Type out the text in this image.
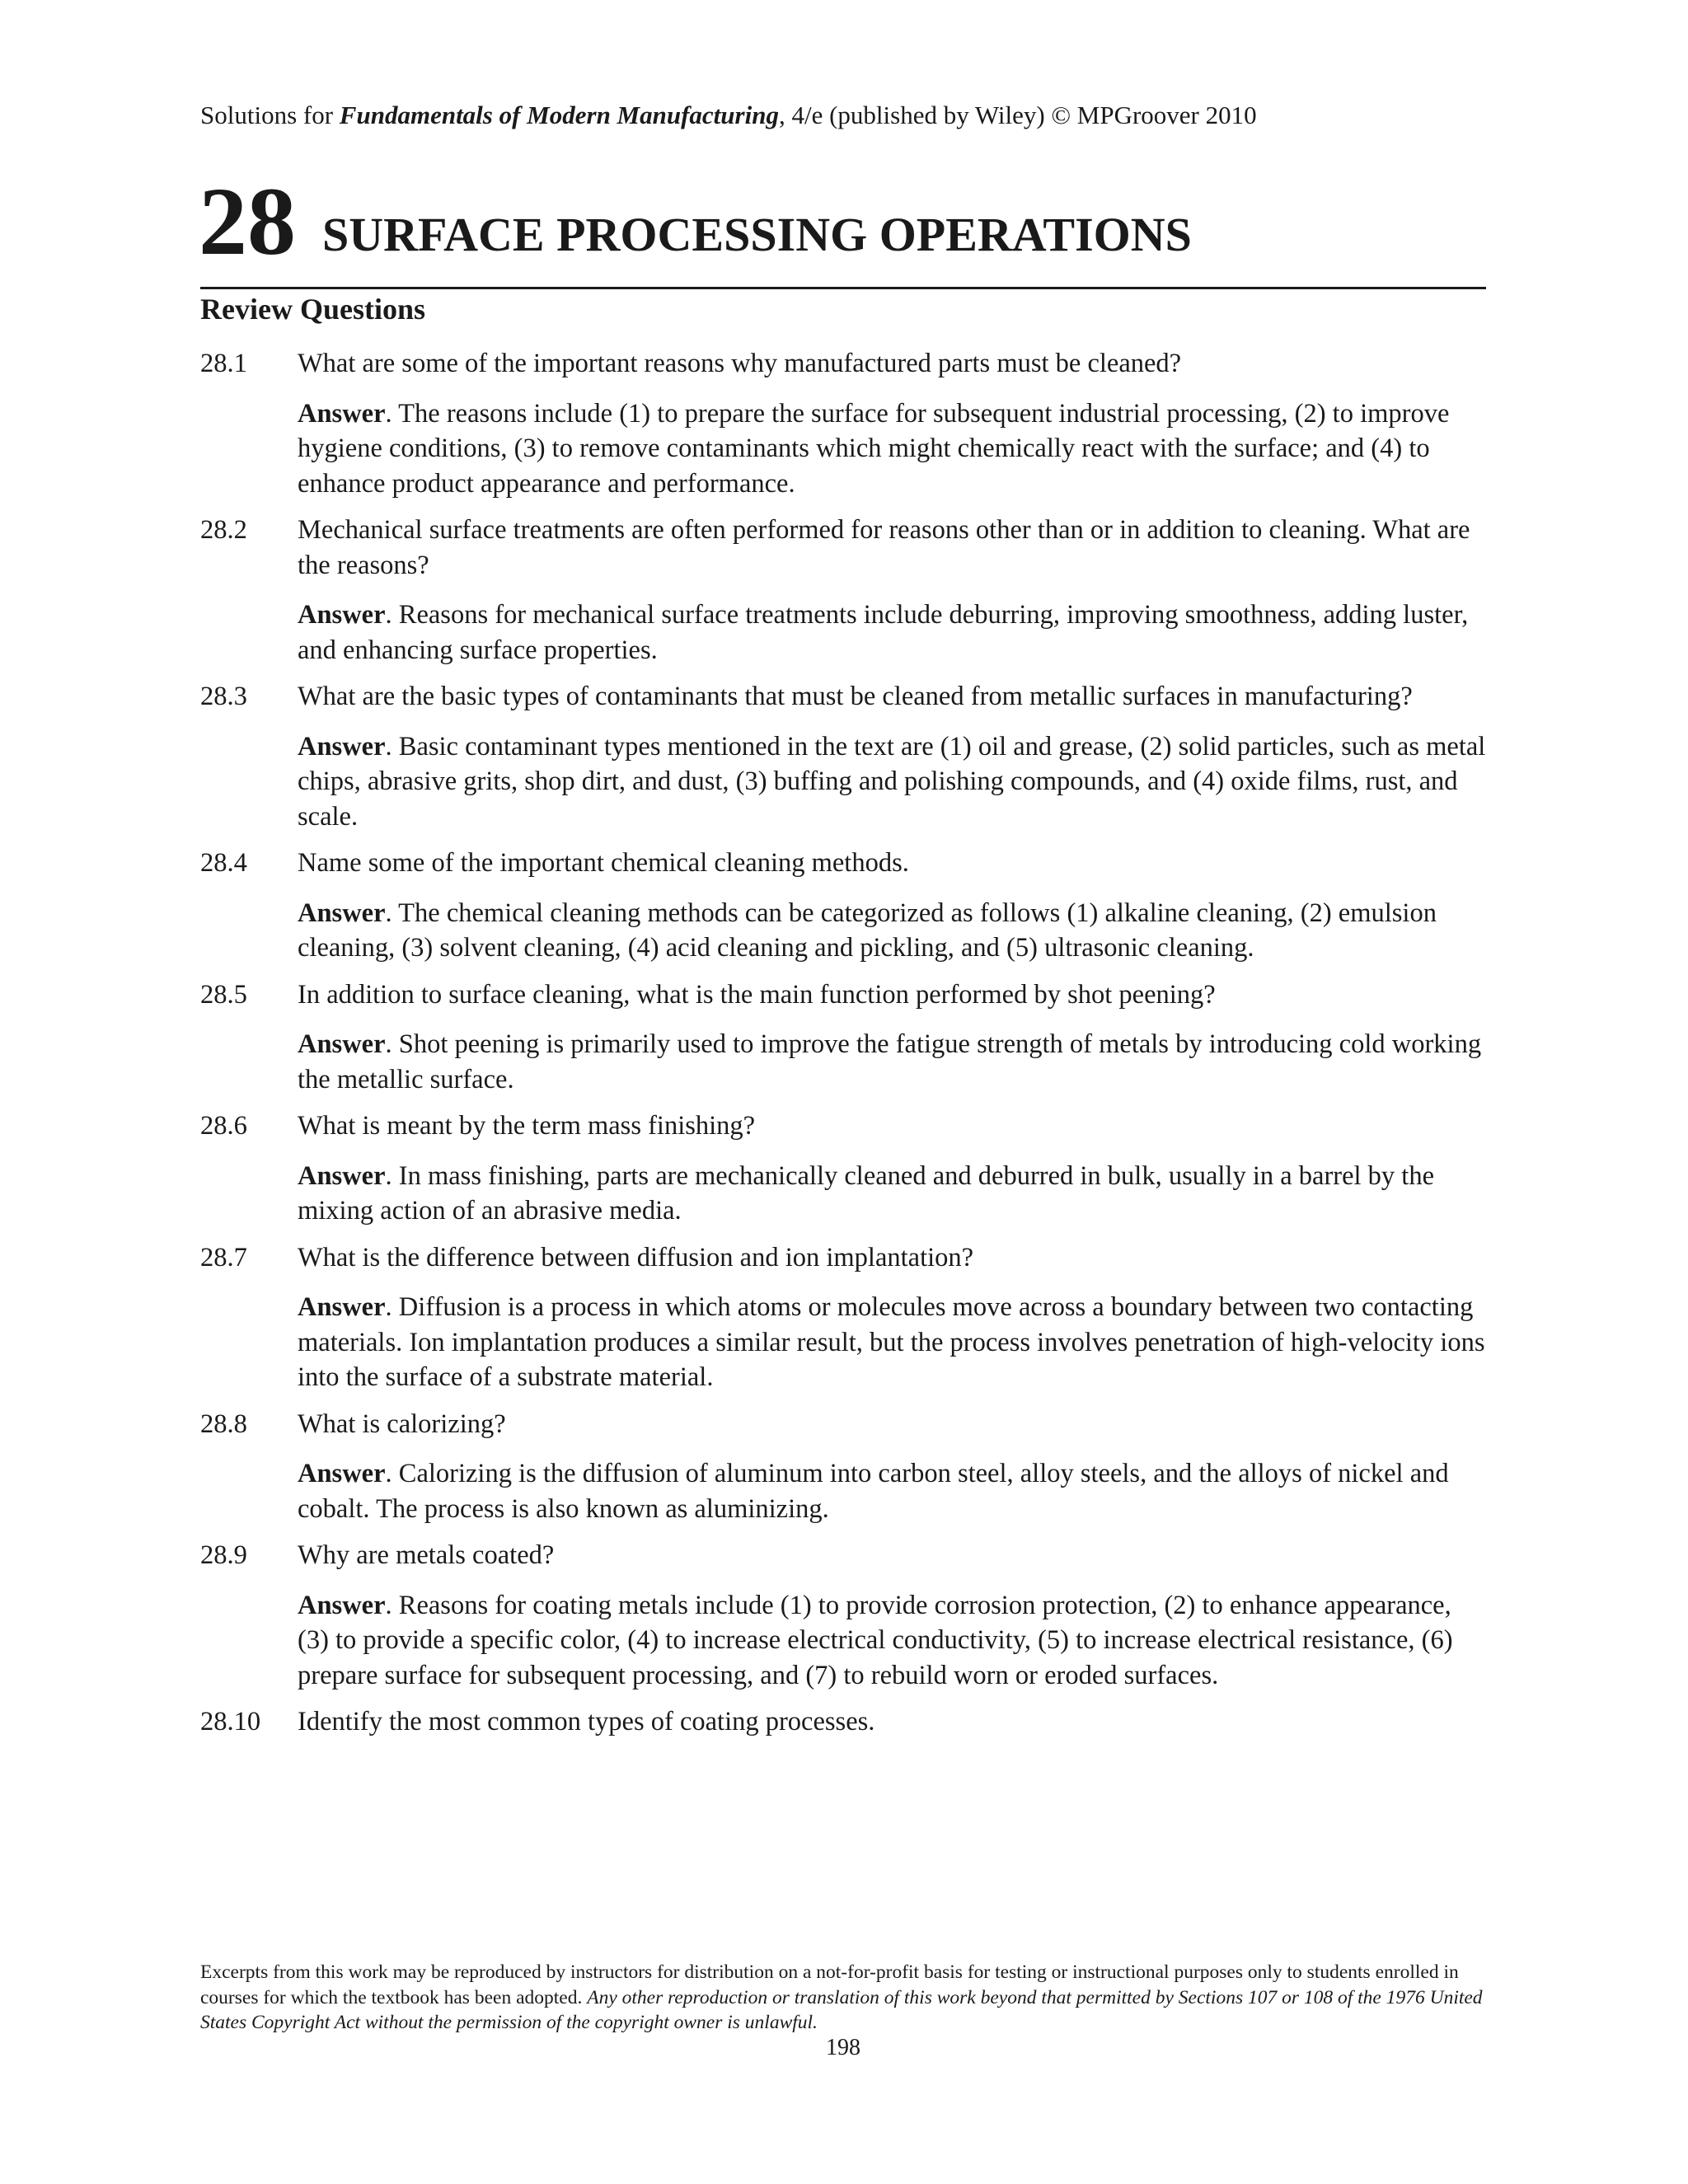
Solutions for Fundamentals of Modern Manufacturing, 4/e (published by Wiley) © MPGroover 2010
28 SURFACE PROCESSING OPERATIONS
Review Questions
28.1 What are some of the important reasons why manufactured parts must be cleaned?
Answer. The reasons include (1) to prepare the surface for subsequent industrial processing, (2) to improve hygiene conditions, (3) to remove contaminants which might chemically react with the surface; and (4) to enhance product appearance and performance.
28.2 Mechanical surface treatments are often performed for reasons other than or in addition to cleaning. What are the reasons?
Answer. Reasons for mechanical surface treatments include deburring, improving smoothness, adding luster, and enhancing surface properties.
28.3 What are the basic types of contaminants that must be cleaned from metallic surfaces in manufacturing?
Answer. Basic contaminant types mentioned in the text are (1) oil and grease, (2) solid particles, such as metal chips, abrasive grits, shop dirt, and dust, (3) buffing and polishing compounds, and (4) oxide films, rust, and scale.
28.4 Name some of the important chemical cleaning methods.
Answer. The chemical cleaning methods can be categorized as follows (1) alkaline cleaning, (2) emulsion cleaning, (3) solvent cleaning, (4) acid cleaning and pickling, and (5) ultrasonic cleaning.
28.5 In addition to surface cleaning, what is the main function performed by shot peening?
Answer. Shot peening is primarily used to improve the fatigue strength of metals by introducing cold working the metallic surface.
28.6 What is meant by the term mass finishing?
Answer. In mass finishing, parts are mechanically cleaned and deburred in bulk, usually in a barrel by the mixing action of an abrasive media.
28.7 What is the difference between diffusion and ion implantation?
Answer. Diffusion is a process in which atoms or molecules move across a boundary between two contacting materials. Ion implantation produces a similar result, but the process involves penetration of high-velocity ions into the surface of a substrate material.
28.8 What is calorizing?
Answer. Calorizing is the diffusion of aluminum into carbon steel, alloy steels, and the alloys of nickel and cobalt. The process is also known as aluminizing.
28.9 Why are metals coated?
Answer. Reasons for coating metals include (1) to provide corrosion protection, (2) to enhance appearance, (3) to provide a specific color, (4) to increase electrical conductivity, (5) to increase electrical resistance, (6) prepare surface for subsequent processing, and (7) to rebuild worn or eroded surfaces.
28.10 Identify the most common types of coating processes.
Excerpts from this work may be reproduced by instructors for distribution on a not-for-profit basis for testing or instructional purposes only to students enrolled in courses for which the textbook has been adopted. Any other reproduction or translation of this work beyond that permitted by Sections 107 or 108 of the 1976 United States Copyright Act without the permission of the copyright owner is unlawful.
198
